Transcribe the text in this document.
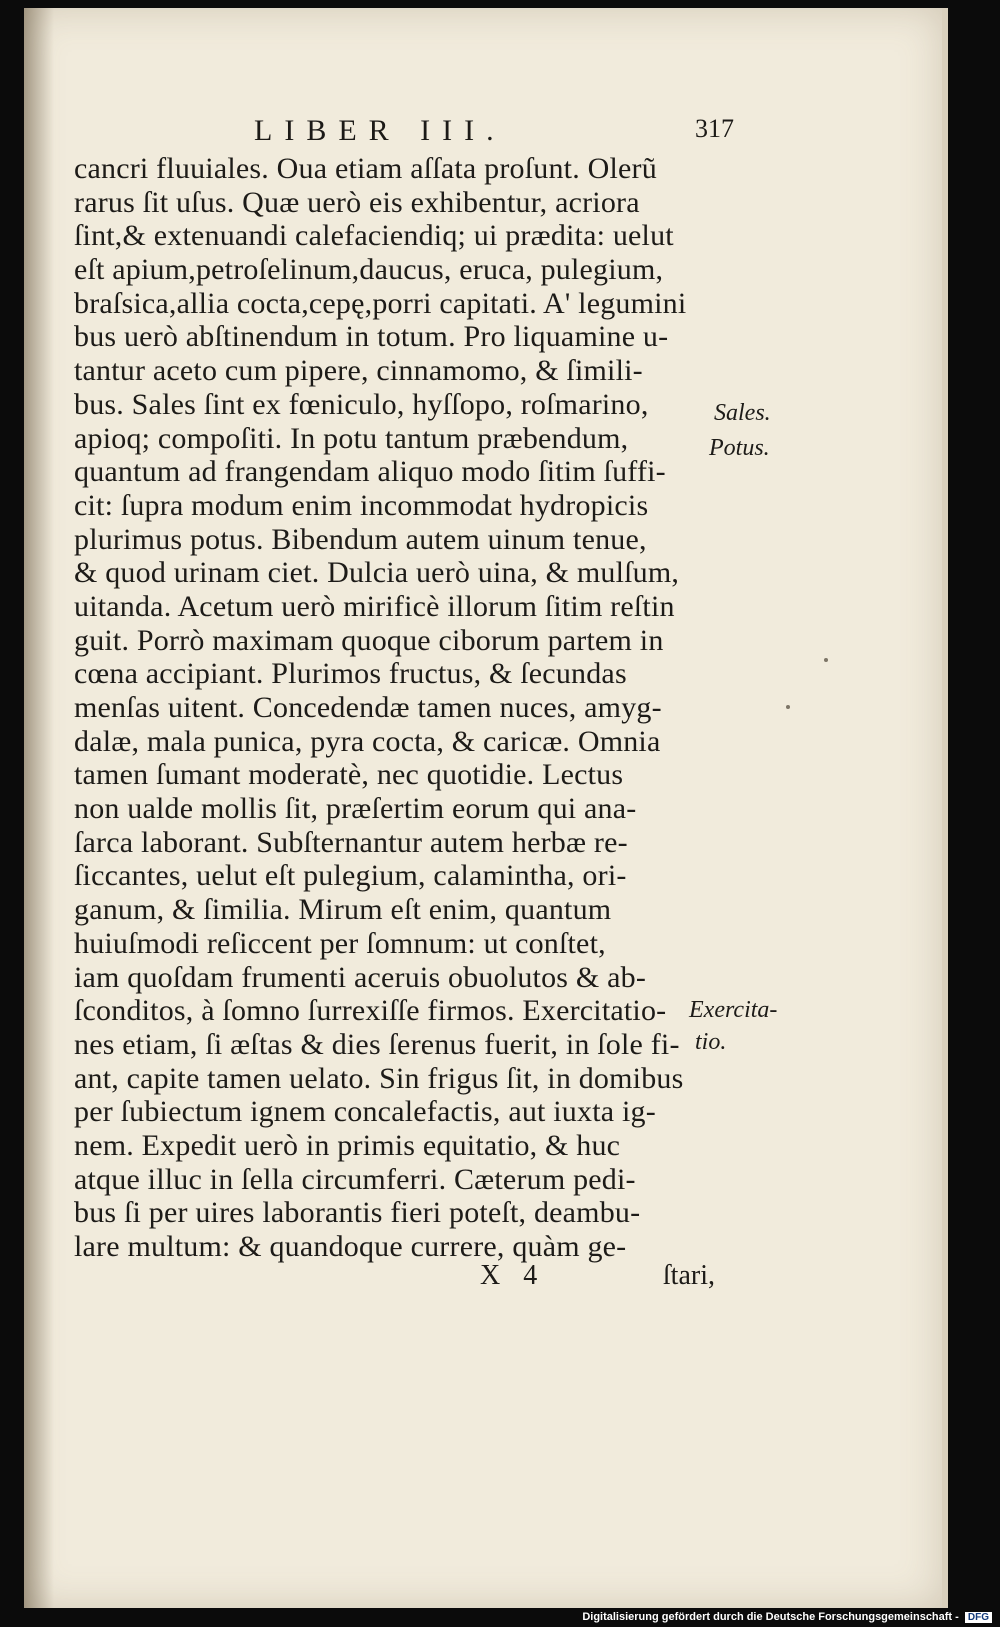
LIBER III.	317
cancri fluuiales. Oua etiam aſſata proſunt. Olerũ
rarus ſit uſus. Quæ uerò eis exhibentur, acriora
ſint,& extenuandi calefaciendiq; ui prædita: uelut
eſt apium,petroſelinum,daucus, eruca, pulegium,
braſsica,allia cocta,cepę,porri capitati. A' legumini
bus uerò abſtinendum in totum. Pro liquamine u-
tantur aceto cum pipere, cinnamomo, & ſimili-
bus. Sales ſint ex fœniculo, hyſſopo, roſmarino,
apioq; compoſiti. In potu tantum præbendum,
quantum ad frangendam aliquo modo ſitim ſuffi-
cit: ſupra modum enim incommodat hydropicis
plurimus potus. Bibendum autem uinum tenue,
& quod urinam ciet. Dulcia uerò uina, & mulſum,
uitanda. Acetum uerò mirificè illorum ſitim reſtin
guit. Porrò maximam quoque ciborum partem in
cœna accipiant. Plurimos fructus, & ſecundas
menſas uitent. Concedendæ tamen nuces, amyg-
dalæ, mala punica, pyra cocta, & caricæ. Omnia
tamen ſumant moderatè, nec quotidie. Lectus
non ualde mollis ſit, præſertim eorum qui ana-
ſarca laborant. Subſternantur autem herbæ re-
ſiccantes, uelut eſt pulegium, calamintha, ori-
ganum, & ſimilia. Mirum eſt enim, quantum
huiuſmodi reſiccent per ſomnum: ut conſtet,
iam quoſdam frumenti aceruis obuolutos & ab-
ſconditos, à ſomno ſurrexiſſe firmos. Exercitatio-
nes etiam, ſi æſtas & dies ſerenus fuerit, in ſole fi-
ant, capite tamen uelato. Sin frigus ſit, in domibus
per ſubiectum ignem concalefactis, aut iuxta ig-
nem. Expedit uerò in primis equitatio, & huc
atque illuc in ſella circumferri. Cæterum pedi-
bus ſi per uires laborantis fieri poteſt, deambu-
lare multum: & quandoque currere, quàm ge-
Sales.
Potus.
Exercita-
tio.
X 4	ſtari,
Digitalisierung gefördert durch die Deutsche Forschungsgemeinschaft - DFG
